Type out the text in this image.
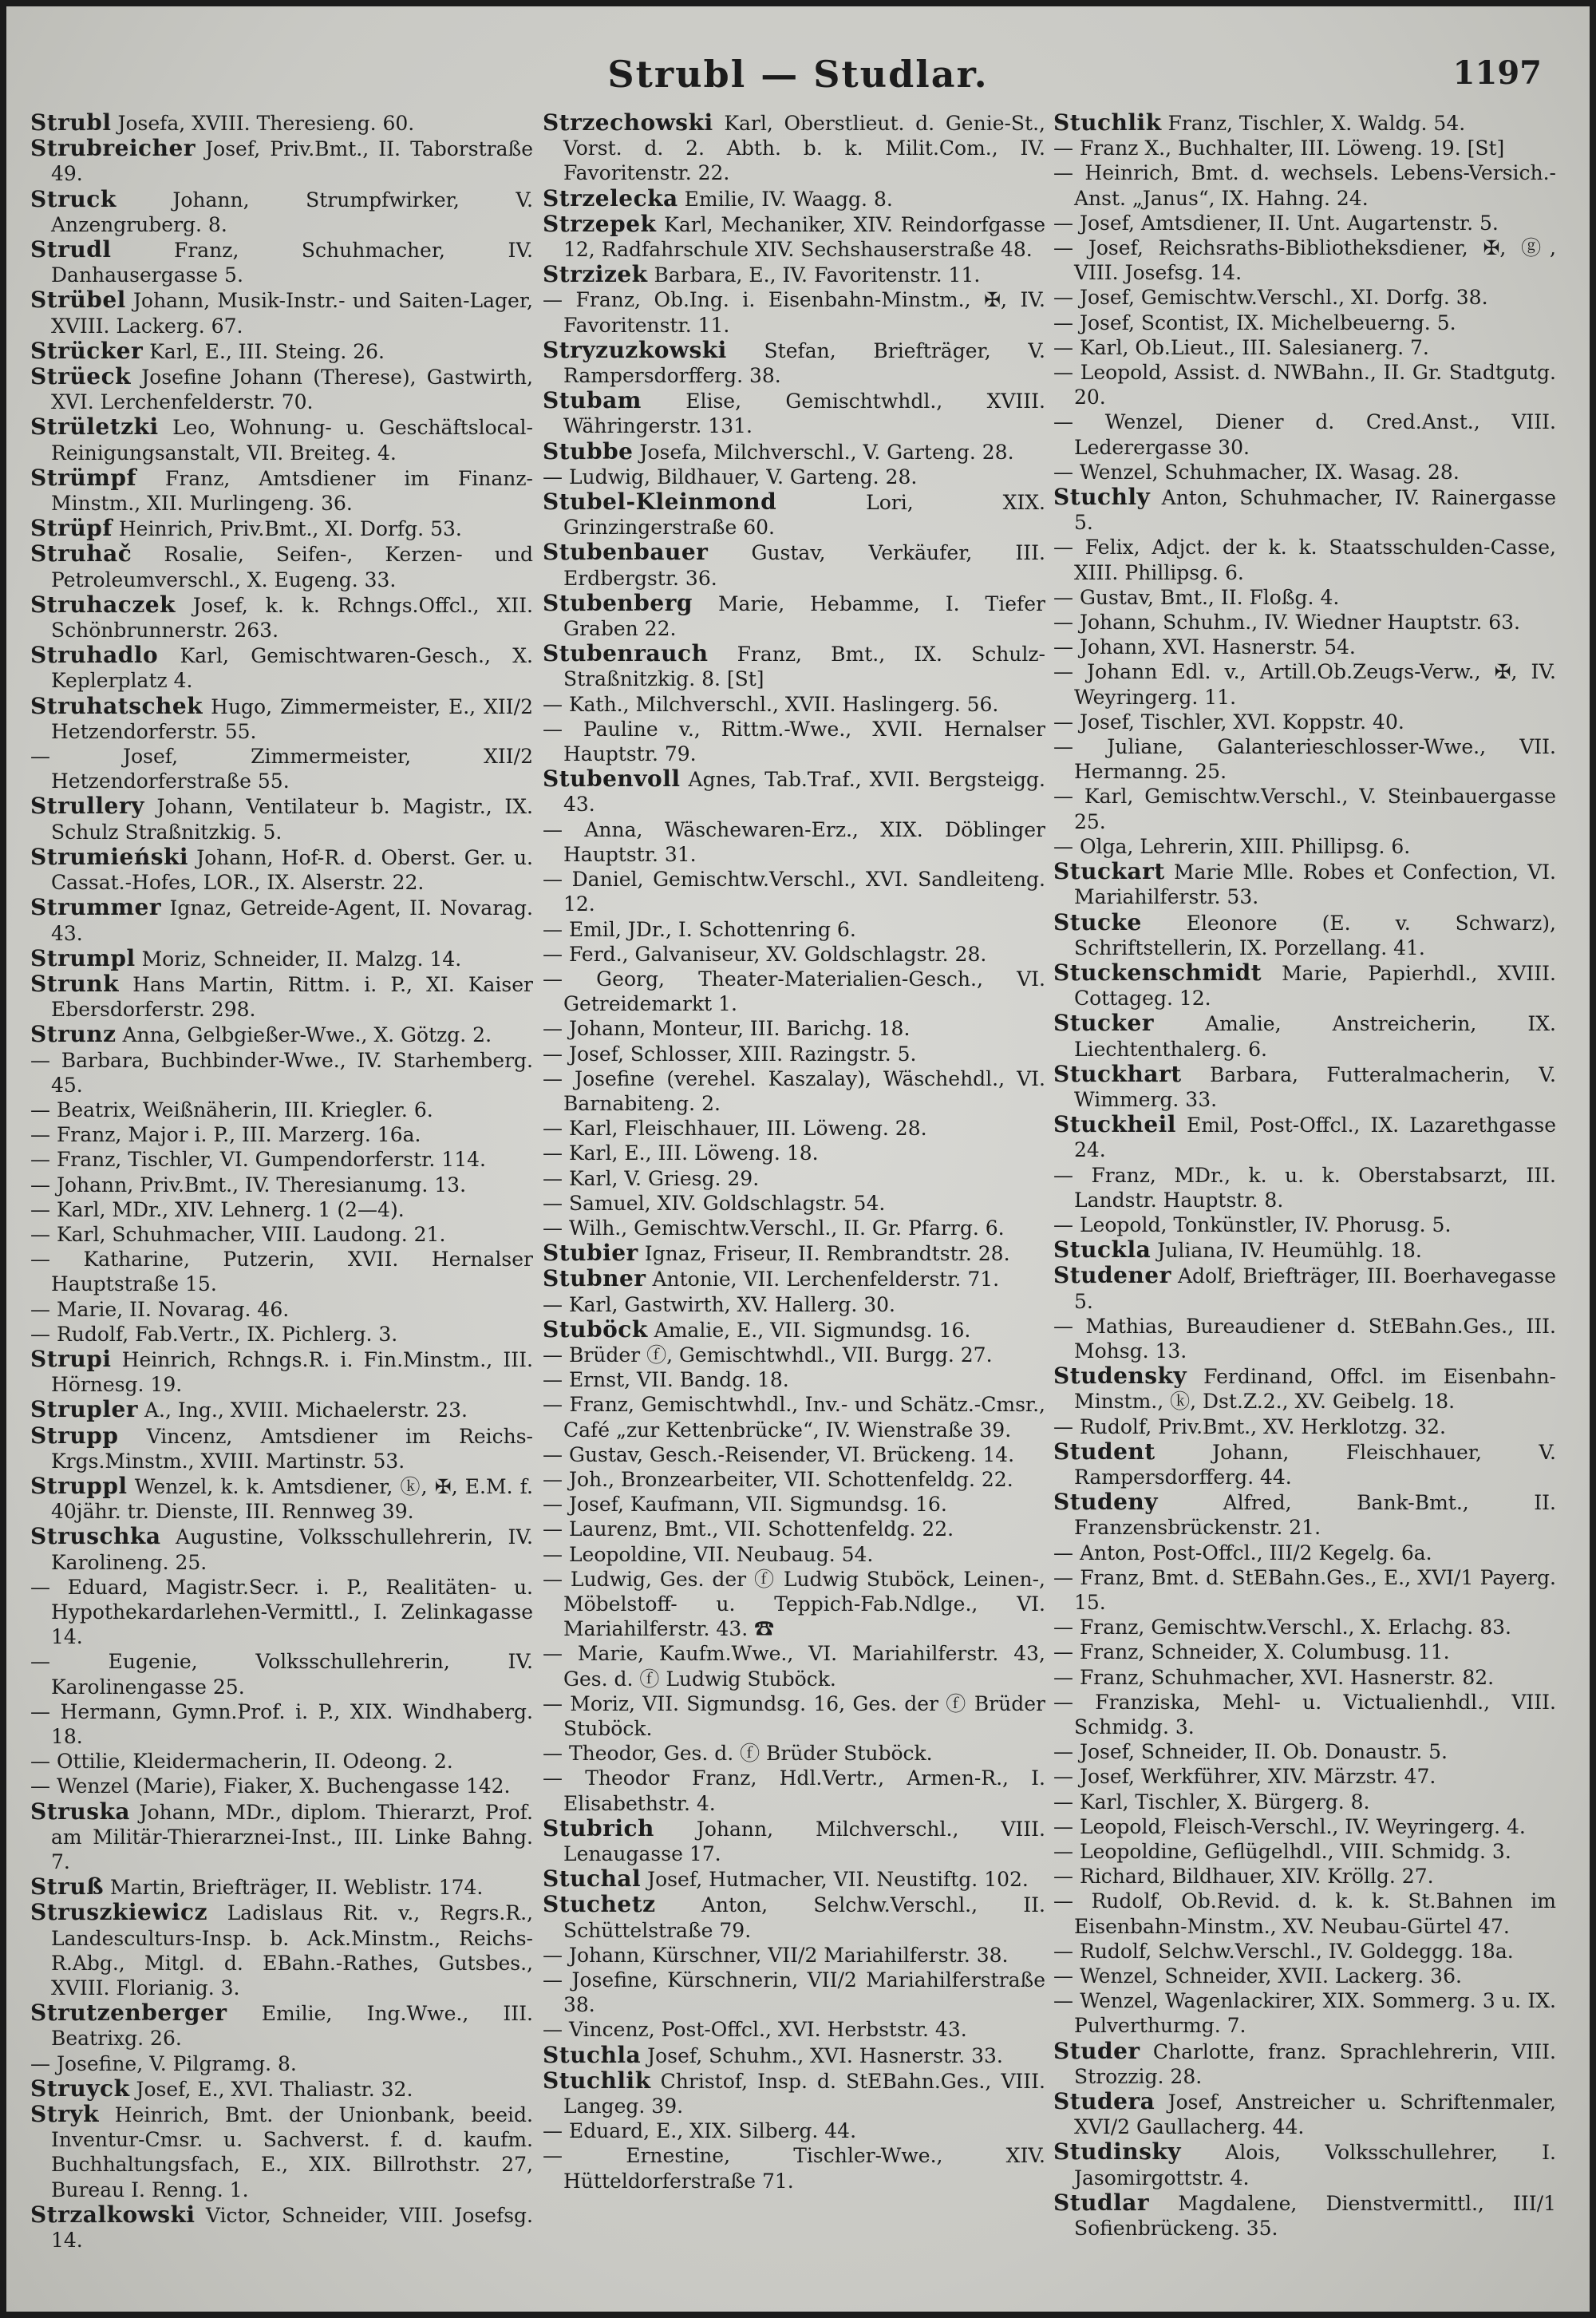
Strubl — Studlar.	1197

Strubl Josefa, XVIII. Theresieng. 60.

Strubreicher Josef, Priv.Bmt., II. Taborstraße 49.

Struck	Johann, Strumpfwirker, V. Anzengruberg. 8.

Strudl	Franz, Schuhmacher, IV. Danhausergasse 5.

Strübel Johann, Musik-Instr.- und Saiten-Lager, XVIII. Lackerg. 67.

Strücker Karl, E., III. Steing. 26.

Strüeck Josefine Johann (Therese), Gastwirth, XVI. Lerchenfelderstr. 70.

Strületzki Leo, Wohnung- u. Geschäftslocal-Reinigungsanstalt, VII. Breiteg. 4.

Strümpf Franz, Amtsdiener im Finanz-Minstm., XII. Murlingeng. 36.

Strüpf Heinrich, Priv.Bmt., XI. Dorfg. 53.

Struhač Rosalie, Seifen-, Kerzen- und Petroleumverschl., X. Eugeng. 33.

Struhaczek Josef, k. k. Rchngs.Offcl., XII. Schönbrunnerstr. 263.

Struhadlo Karl, Gemischtwaren-Gesch., X. Keplerplatz 4.

Struhatschek Hugo, Zimmermeister, E., XII/2 Hetzendorferstr. 55.

— Josef, Zimmermeister, XII/2 Hetzendorferstraße 55.

Strullery Johann, Ventilateur b. Magistr., IX. Schulz Straßnitzkig. 5.

Strumieński Johann, Hof-R. d. Oberst. Ger. u. Cassat.-Hofes, LOR., IX. Alserstr. 22.

Strummer Ignaz, Getreide-Agent, II. Novarag. 43.

Strumpl Moriz, Schneider, II. Malzg. 14.

Strunk Hans Martin, Rittm. i. P., XI. Kaiser Ebersdorferstr. 298.

Strunz Anna, Gelbgießer-Wwe., X. Götzg. 2.

— Barbara, Buchbinder-Wwe., IV. Starhemberg. 45.

— Beatrix, Weißnäherin, III. Kriegler. 6.

— Franz, Major i. P., III. Marzerg. 16a.

— Franz, Tischler, VI. Gumpendorferstr. 114.

— Johann, Priv.Bmt., IV. Theresianumg. 13.

— Karl, MDr., XIV. Lehnerg. 1 (2—4).

— Karl, Schuhmacher, VIII. Laudong. 21.

— Katharine, Putzerin, XVII. Hernalser Hauptstraße 15.

— Marie, II. Novarag. 46.

— Rudolf, Fab.Vertr., IX. Pichlerg. 3.

Strupi Heinrich, Rchngs.R. i. Fin.Minstm., III. Hörnesg. 19.

Strupler A., Ing., XVIII. Michaelerstr. 23.

Strupp Vincenz, Amtsdiener im Reichs-Krgs.Minstm., XVIII. Martinstr. 53.

Struppl Wenzel, k. k. Amtsdiener, ⓚ, ✠, E.M. f. 40jähr. tr. Dienste, III. Rennweg 39.

Struschka Augustine, Volksschullehrerin, IV. Karolineng. 25.

— Eduard, Magistr.Secr. i. P., Realitäten- u. Hypothekardarlehen-Vermittl., I. Zelinkagasse 14.

— Eugenie, Volksschullehrerin, IV. Karolinengasse 25.

— Hermann, Gymn.Prof. i. P., XIX. Windhaberg. 18.

— Ottilie, Kleidermacherin, II. Odeong. 2.

— Wenzel (Marie), Fiaker, X. Buchengasse 142.

Struska Johann, MDr., diplom. Thierarzt, Prof. am Militär-Thierarznei-Inst., III. Linke Bahng. 7.

Struß Martin, Briefträger, II. Weblistr. 174.

Struszkiewicz Ladislaus Rit. v., Regrs.R., Landesculturs-Insp. b. Ack.Minstm., Reichs-R.Abg., Mitgl. d. EBahn.-Rathes, Gutsbes., XVIII. Florianig. 3.

Strutzenberger Emilie, Ing.Wwe., III. Beatrixg. 26.

— Josefine, V. Pilgramg. 8.

Struyck Josef, E., XVI. Thaliastr. 32.

Stryk Heinrich, Bmt. der Unionbank, beeid. Inventur-Cmsr. u. Sachverst. f. d. kaufm. Buchhaltungsfach, E., XIX. Billrothstr. 27, Bureau I. Renng. 1.

Strzalkowski Victor, Schneider, VIII. Josefsg. 14.

Strzechowski Karl, Oberstlieut. d. Genie-St., Vorst. d. 2. Abth. b. k. Milit.Com., IV. Favoritenstr. 22.

Strzelecka Emilie, IV. Waagg. 8.

Strzepek Karl, Mechaniker, XIV. Reindorfgasse 12, Radfahrschule XIV. Sechshauserstraße 48.

Strzizek Barbara, E., IV. Favoritenstr. 11.

— Franz, Ob.Ing. i. Eisenbahn-Minstm., ✠, IV. Favoritenstr. 11.

Stryzuzkowski Stefan, Briefträger, V. Rampersdorfferg. 38.

Stubam Elise, Gemischtwhdl., XVIII. Währingerstr. 131.

Stubbe Josefa, Milchverschl., V. Garteng. 28.

— Ludwig, Bildhauer, V. Garteng. 28.

Stubel-Kleinmond	Lori, XIX. Grinzingerstraße 60.

Stubenbauer Gustav, Verkäufer, III. Erdbergstr. 36.

Stubenberg Marie, Hebamme, I. Tiefer Graben 22.

Stubenrauch Franz, Bmt., IX. Schulz-Straßnitzkig. 8. [St]

— Kath., Milchverschl., XVII. Haslingerg. 56.

— Pauline v., Rittm.-Wwe., XVII. Hernalser Hauptstr. 79.

Stubenvoll Agnes, Tab.Traf., XVII. Bergsteigg. 43.

— Anna, Wäschewaren-Erz., XIX. Döblinger Hauptstr. 31.

— Daniel, Gemischtw.Verschl., XVI. Sandleiteng. 12.

— Emil, JDr., I. Schottenring 6.

— Ferd., Galvaniseur, XV. Goldschlagstr. 28.

— Georg, Theater-Materialien-Gesch., VI. Getreidemarkt 1.

— Johann, Monteur, III. Barichg. 18.

— Josef, Schlosser, XIII. Razingstr. 5.

— Josefine (verehel. Kaszalay), Wäschehdl., VI. Barnabiteng. 2.

— Karl, Fleischhauer, III. Löweng. 28.

— Karl, E., III. Löweng. 18.

— Karl, V. Griesg. 29.

— Samuel, XIV. Goldschlagstr. 54.

— Wilh., Gemischtw.Verschl., II. Gr. Pfarrg. 6.

Stubier Ignaz, Friseur, II. Rembrandtstr. 28.

Stubner Antonie, VII. Lerchenfelderstr. 71.

— Karl, Gastwirth, XV. Hallerg. 30.

Stuböck Amalie, E., VII. Sigmundsg. 16.

— Brüder ⓕ, Gemischtwhdl., VII. Burgg. 27.

— Ernst, VII. Bandg. 18.

— Franz, Gemischtwhdl., Inv.- und Schätz.-Cmsr., Café „zur Kettenbrücke“, IV. Wienstraße 39.

— Gustav, Gesch.-Reisender, VI. Brückeng. 14.

— Joh., Bronzearbeiter, VII. Schottenfeldg. 22.

— Josef, Kaufmann, VII. Sigmundsg. 16.

— Laurenz, Bmt., VII. Schottenfeldg. 22.

— Leopoldine, VII. Neubaug. 54.

— Ludwig, Ges. der ⓕ Ludwig Stuböck, Leinen-, Möbelstoff- u. Teppich-Fab.Ndlge., VI. Mariahilferstr. 43. ☎

— Marie, Kaufm.Wwe., VI. Mariahilferstr. 43, Ges. d. ⓕ Ludwig Stuböck.

— Moriz, VII. Sigmundsg. 16, Ges. der ⓕ Brüder Stuböck.

— Theodor, Ges. d. ⓕ Brüder Stuböck.

— Theodor Franz, Hdl.Vertr., Armen-R., I. Elisabethstr. 4.

Stubrich Johann, Milchverschl., VIII. Lenaugasse 17.

Stuchal Josef, Hutmacher, VII. Neustiftg. 102.

Stuchetz Anton, Selchw.Verschl., II. Schüttelstraße 79.

— Johann, Kürschner, VII/2 Mariahilferstr. 38.

— Josefine, Kürschnerin, VII/2 Mariahilferstraße 38.

— Vincenz, Post-Offcl., XVI. Herbststr. 43.

Stuchla Josef, Schuhm., XVI. Hasnerstr. 33.

Stuchlik Christof, Insp. d. StEBahn.Ges., VIII. Langeg. 39.

— Eduard, E., XIX. Silberg. 44.

— Ernestine, Tischler-Wwe., XIV. Hütteldorferstraße 71.

Stuchlik Franz, Tischler, X. Waldg. 54.

— Franz X., Buchhalter, III. Löweng. 19. [St]

— Heinrich, Bmt. d. wechsels. Lebens-Versich.-Anst. „Janus“, IX. Hahng. 24.

— Josef, Amtsdiener, II. Unt. Augartenstr. 5.

— Josef, Reichsraths-Bibliotheksdiener, ✠, ⓖ, VIII. Josefsg. 14.

— Josef, Gemischtw.Verschl., XI. Dorfg. 38.

— Josef, Scontist, IX. Michelbeuerng. 5.

— Karl, Ob.Lieut., III. Salesianerg. 7.

— Leopold, Assist. d. NWBahn., II. Gr. Stadtgutg. 20.

— Wenzel, Diener d. Cred.Anst., VIII. Lederergasse 30.

— Wenzel, Schuhmacher, IX. Wasag. 28.

Stuchly Anton, Schuhmacher, IV. Rainergasse 5.

— Felix, Adjct. der k. k. Staatsschulden-Casse, XIII. Phillipsg. 6.

— Gustav, Bmt., II. Floßg. 4.

— Johann, Schuhm., IV. Wiedner Hauptstr. 63.

— Johann, XVI. Hasnerstr. 54.

— Johann Edl. v., Artill.Ob.Zeugs-Verw., ✠, IV. Weyringerg. 11.

— Josef, Tischler, XVI. Koppstr. 40.

— Juliane, Galanterieschlosser-Wwe., VII. Hermanng. 25.

— Karl, Gemischtw.Verschl., V. Steinbauergasse 25.

— Olga, Lehrerin, XIII. Phillipsg. 6.

Stuckart Marie Mlle. Robes et Confection, VI. Mariahilferstr. 53.

Stucke Eleonore (E. v. Schwarz), Schriftstellerin, IX. Porzellang. 41.

Stuckenschmidt Marie, Papierhdl., XVIII. Cottageg. 12.

Stucker	Amalie, Anstreicherin, IX. Liechtenthalerg. 6.

Stuckhart Barbara, Futteralmacherin, V. Wimmerg. 33.

Stuckheil Emil, Post-Offcl., IX. Lazarethgasse 24.

— Franz, MDr., k. u. k. Oberstabsarzt, III. Landstr. Hauptstr. 8.

— Leopold, Tonkünstler, IV. Phorusg. 5.

Stuckla Juliana, IV. Heumühlg. 18.

Studener Adolf, Briefträger, III. Boerhavegasse 5.

— Mathias, Bureaudiener d. StEBahn.Ges., III. Mohsg. 13.

Studensky Ferdinand, Offcl. im Eisenbahn-Minstm., ⓚ, Dst.Z.2., XV. Geibelg. 18.

— Rudolf, Priv.Bmt., XV. Herklotzg. 32.

Student	Johann, Fleischhauer, V. Rampersdorfferg. 44.

Studeny	Alfred, Bank-Bmt., II. Franzensbrückenstr. 21.

— Anton, Post-Offcl., III/2 Kegelg. 6a.

— Franz, Bmt. d. StEBahn.Ges., E., XVI/1 Payerg. 15.

— Franz, Gemischtw.Verschl., X. Erlachg. 83.

— Franz, Schneider, X. Columbusg. 11.

— Franz, Schuhmacher, XVI. Hasnerstr. 82.

— Franziska, Mehl- u. Victualienhdl., VIII. Schmidg. 3.

— Josef, Schneider, II. Ob. Donaustr. 5.

— Josef, Werkführer, XIV. Märzstr. 47.

— Karl, Tischler, X. Bürgerg. 8.

— Leopold, Fleisch-Verschl., IV. Weyringerg. 4.

— Leopoldine, Geflügelhdl., VIII. Schmidg. 3.

— Richard, Bildhauer, XIV. Kröllg. 27.

— Rudolf, Ob.Revid. d. k. k. St.Bahnen im Eisenbahn-Minstm., XV. Neubau-Gürtel 47.

— Rudolf, Selchw.Verschl., IV. Goldeggg. 18a.

— Wenzel, Schneider, XVII. Lackerg. 36.

— Wenzel, Wagenlackirer, XIX. Sommerg. 3 u. IX. Pulverthurmg. 7.

Studer Charlotte, franz. Sprachlehrerin, VIII. Strozzig. 28.

Studera Josef, Anstreicher u. Schriftenmaler, XVI/2 Gaullacherg. 44.

Studinsky Alois, Volksschullehrer, I. Jasomirgottstr. 4.

Studlar Magdalene, Dienstvermittl., III/1 Sofienbrückeng. 35.
